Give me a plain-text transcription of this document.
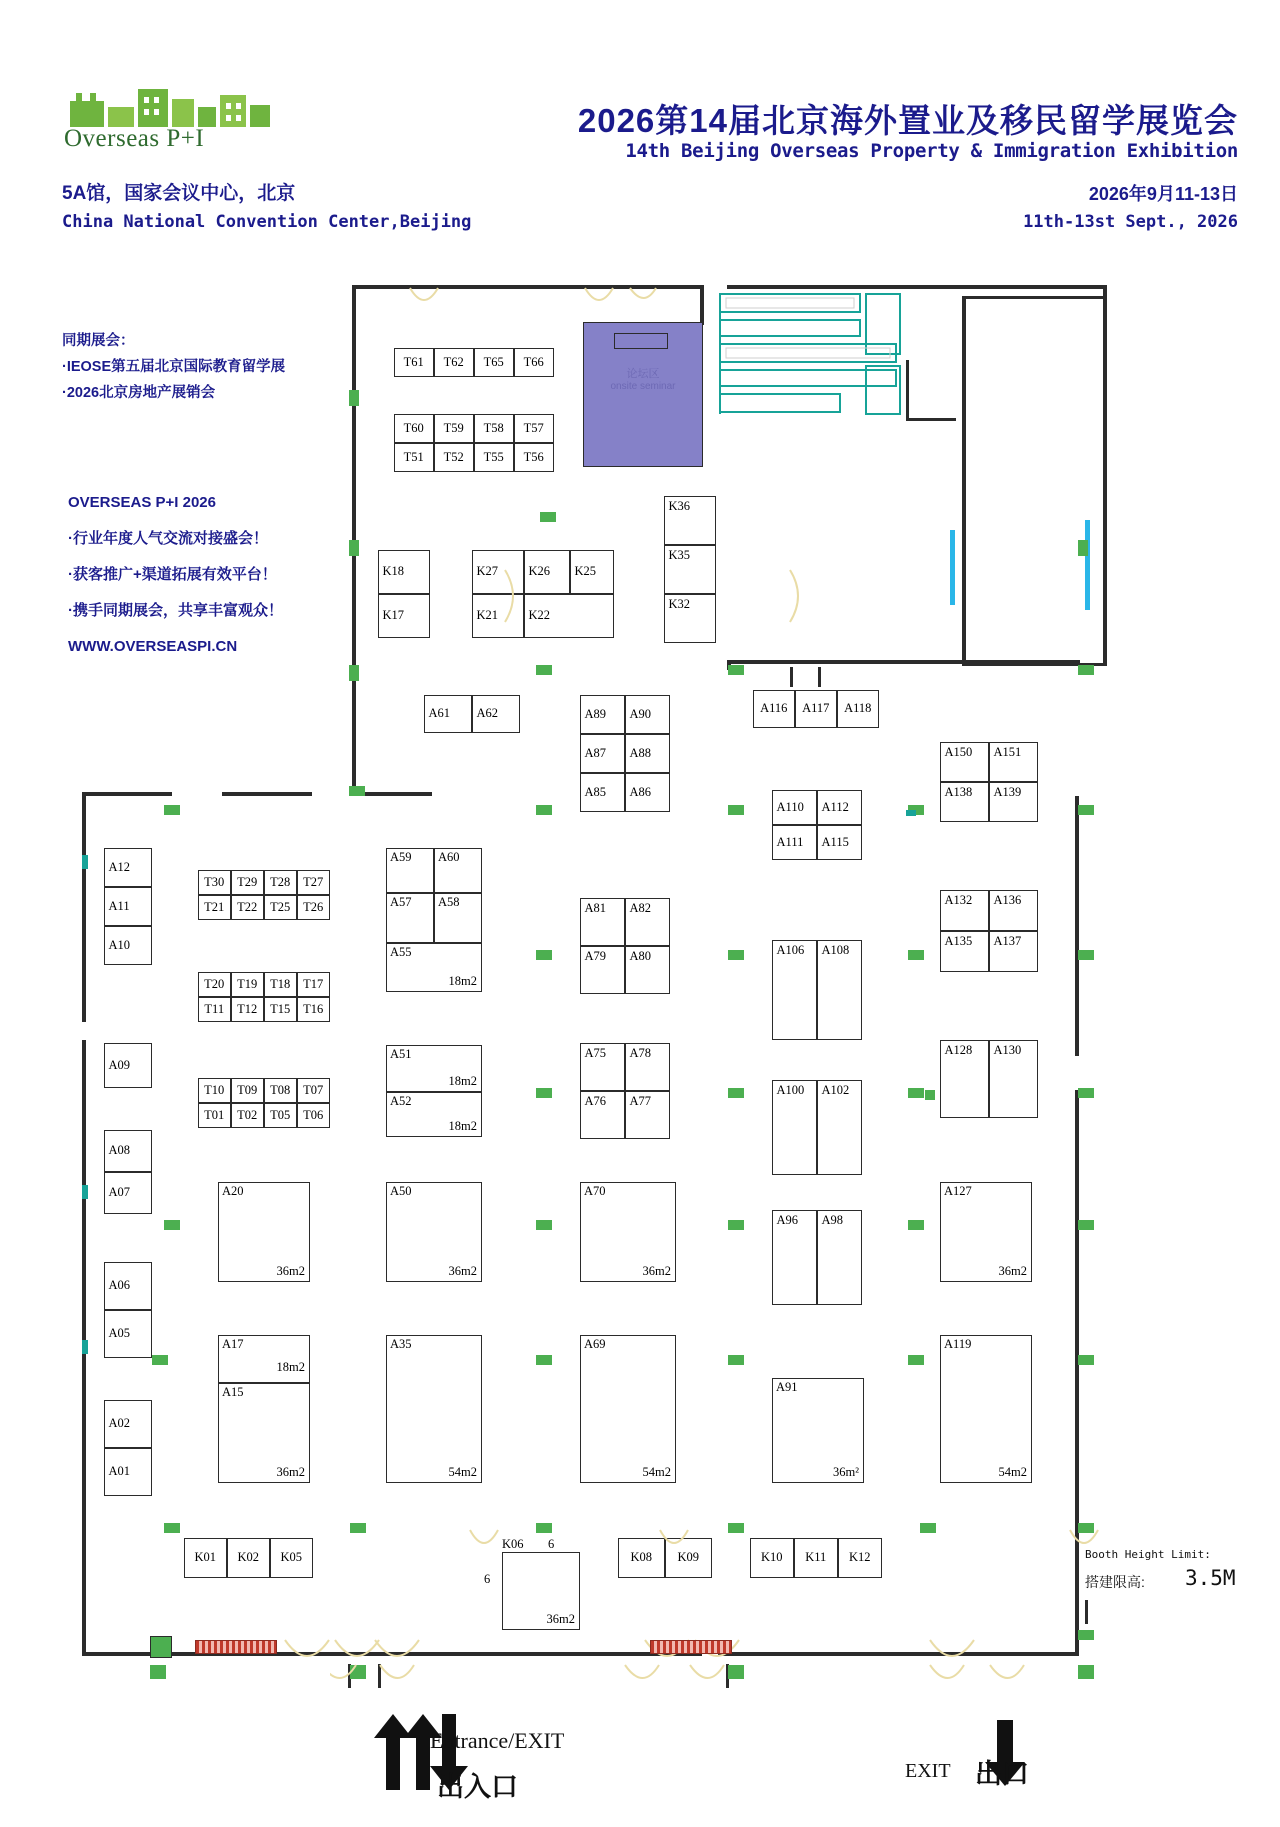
Overseas P+I	2026第14届北京海外置业及移民留学展览会
14th Beijing Overseas Property & Immigration Exhibition
5A馆，国家会议中心，北京
China National Convention Center,Beijing
2026年9月11-13日
11th-13st Sept., 2026
同期展会：
·IEOSE第五届北京国际教育留学展
·2026北京房地产展销会
OVERSEAS P+I 2026
·行业年度人气交流对接盛会！
·获客推广+渠道拓展有效平台！
·携手同期展会，共享丰富观众！
WWW.OVERSEASPI.CN
论坛区
onsite seminar
T61	T62	T65	T66
T60	T59	T58	T57
T51	T52	T55	T56
K18
K17
K27	K26	K25
K21	K22
K36
K35
K32
A116	A117	A118
A150	A151
A138	A139
A132	A136
A135	A137
A128	A130
A110	A112
A111	A115
A106	A108
A100	A102
A96	A98
A61	A62	A89	A90
A87	A88
A85	A86
A81	A82
A79	A80
A75	A78
A76	A77
A59 A60
A57 A58
A55
18m2
A51
18m2
A52
18m2
A20
36m2
A50
36m2
A70
36m2
A127
36m2
A17
18m2
A15
36m2
A35
54m2
A69
54m2
A91
36m²
A119
54m2
A12
A11
A10
A09
A08
A07
A06
A05
A02
A01
T30	T29	T28	T27
T21	T22	T25	T26
T20	T19	T18	T17
T11	T12	T15	T16
T10	T09	T08	T07
T01	T02	T05	T06
K01	K02	K05	K08	K09	K10	K11	K12
36m2
K06 6
6
Entrance/EXIT
出入口
EXIT 出口
Booth Height Limit:
搭建限高: 3.5M
